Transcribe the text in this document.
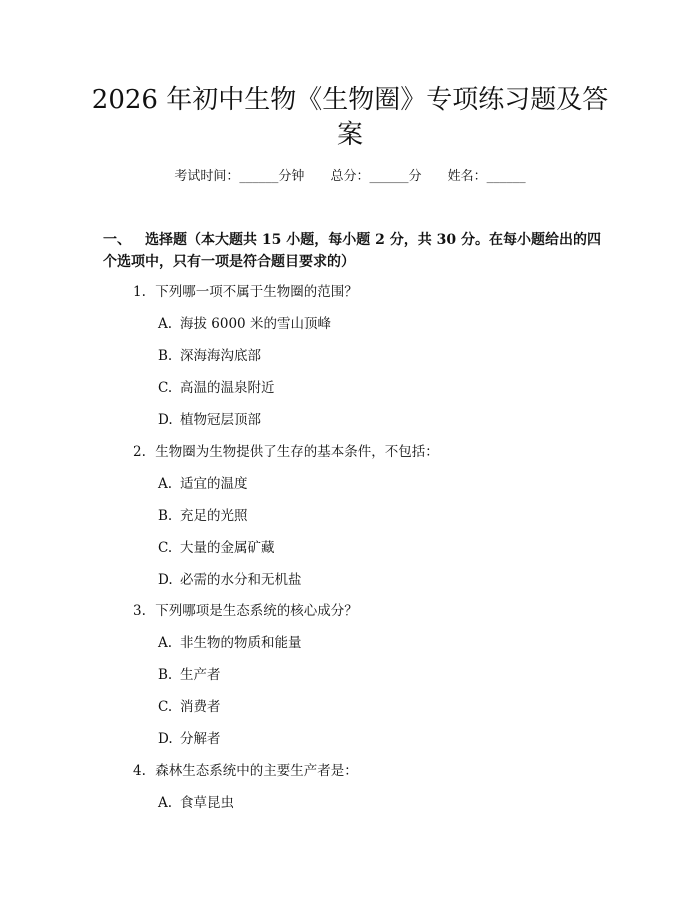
2026 年初中生物《生物圈》专项练习题及答
案
考试时间：______分钟 总分：______分 姓名：______
一、 选择题（本大题共 15 小题，每小题 2 分，共 30 分。在每小题给出的四个选项中，只有一项是符合题目要求的）
1. 下列哪一项不属于生物圈的范围？
A. 海拔 6000 米的雪山顶峰
B. 深海海沟底部
C. 高温的温泉附近
D. 植物冠层顶部
2. 生物圈为生物提供了生存的基本条件，不包括：
A. 适宜的温度
B. 充足的光照
C. 大量的金属矿藏
D. 必需的水分和无机盐
3. 下列哪项是生态系统的核心成分？
A. 非生物的物质和能量
B. 生产者
C. 消费者
D. 分解者
4. 森林生态系统中的主要生产者是：
A. 食草昆虫
